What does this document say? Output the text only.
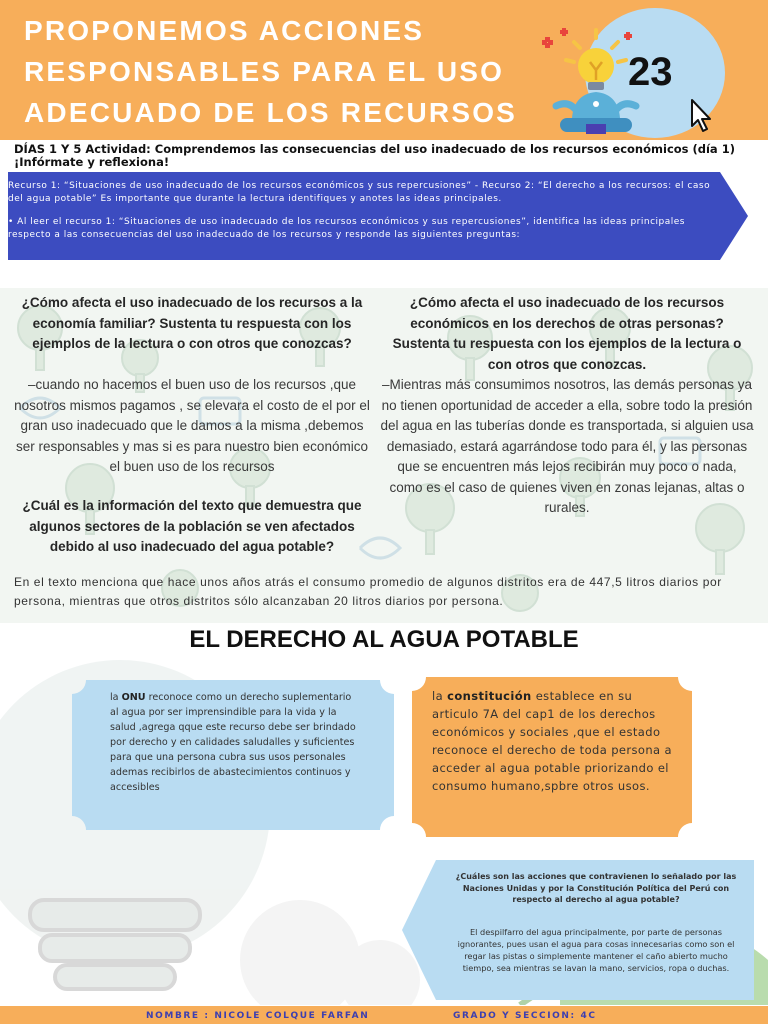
PROPONEMOS ACCIONES
RESPONSABLES PARA EL USO
ADECUADO DE LOS RECURSOS
23
DÍAS 1 Y 5 Actividad: Comprendemos las consecuencias del uso inadecuado de los recursos económicos (día 1)
¡Infórmate y reflexiona!

Recurso 1: “Situaciones de uso inadecuado de los recursos económicos y sus repercusiones” - Recurso 2: “El derecho a los recursos: el caso del agua potable” Es importante que durante la lectura identifiques y anotes las ideas principales.

• Al leer el recurso 1: “Situaciones de uso inadecuado de los recursos económicos y sus repercusiones”, identifica las ideas principales respecto a las consecuencias del uso inadecuado de los recursos y responde las siguientes preguntas:

¿Cómo afecta el uso inadecuado de los recursos a la economía familiar? Sustenta tu respuesta con los ejemplos de la lectura o con otros que conozcas?
–cuando no hacemos el buen uso de los recursos ,que nosotros mismos pagamos , se elevara el costo de el por el gran uso inadecuado que le damos a la misma ,debemos ser responsables y mas si es para nuestro bien económico el buen uso de los recursos
¿Cómo afecta el uso inadecuado de los recursos económicos en los derechos de otras personas? Sustenta tu respuesta con los ejemplos de la lectura o con otros que conozcas.
–Mientras más consumimos nosotros, las demás personas ya no tienen oportunidad de acceder a ella, sobre todo la presión del agua en las tuberías donde es transportada, si alguien usa demasiado, estará agarrándose todo para él, y las personas que se encuentren más lejos recibirán muy poco o nada, como es el caso de quienes viven en zonas lejanas, altas o rurales.
¿Cuál es la información del texto que demuestra que algunos sectores de la población se ven afectados debido al uso inadecuado del agua potable?
En el texto menciona que hace unos años atrás el consumo promedio de algunos distritos era de 447,5 litros diarios por persona, mientras que otros distritos sólo alcanzaban 20 litros diarios por persona.
EL DERECHO AL AGUA POTABLE
la ONU reconoce como un derecho suplementario al agua por ser imprensindible para la vida y la salud ,agrega qque este recurso debe ser brindado por derecho y en calidades saludalles y suficientes para que una persona cubra sus usos personales ademas recibirlos de abastecimientos continuos y accesibles
la constitución establece en su articulo 7A del cap1 de los derechos económicos y sociales ,que el estado reconoce el derecho de toda persona a acceder al agua potable priorizando el consumo humano,spbre otros usos.
¿Cuáles son las acciones que contravienen lo señalado por las Naciones Unidas y por la Constitución Política del Perú con respecto al derecho al agua potable?
El despilfarro del agua principalmente, por parte de personas ignorantes, pues usan el agua para cosas innecesarias como son el regar las pistas o simplemente mantener el caño abierto mucho tiempo, sea mientras se lavan la mano, servicios, ropa o duchas.
NOMBRE : NICOLE COLQUE FARFAN	GRADO Y SECCION: 4C
